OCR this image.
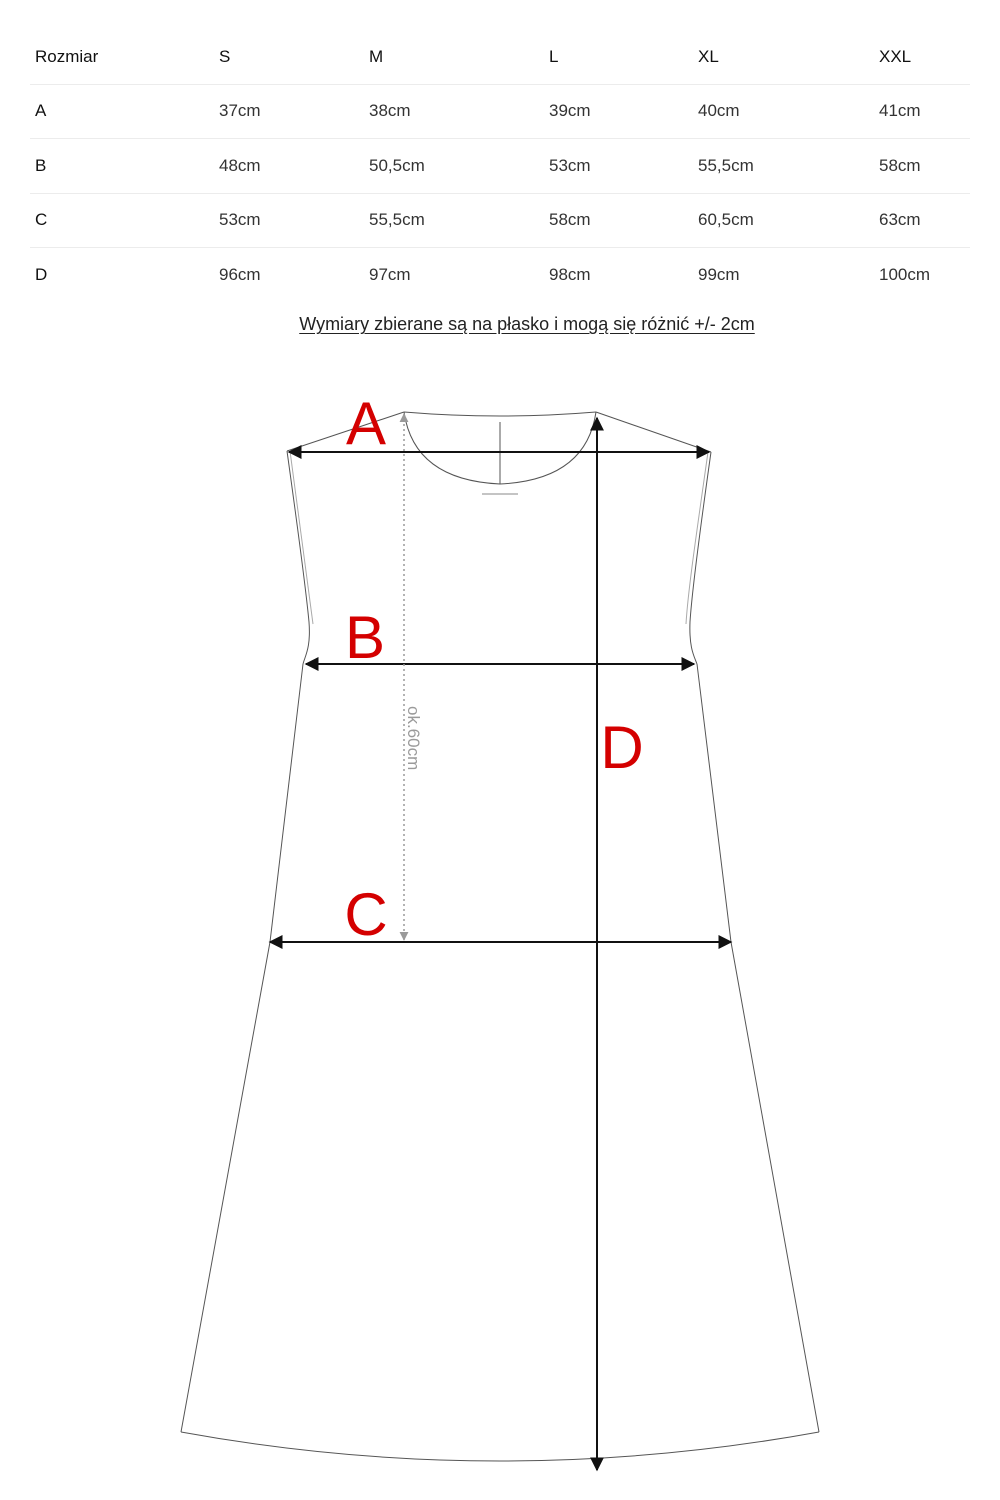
Rozmiar	S	M	L	XL	XXL
A	37cm	38cm	39cm	40cm	41cm
B	48cm	50,5cm	53cm	55,5cm	58cm
C	53cm	55,5cm	58cm	60,5cm	63cm
D	96cm	97cm	98cm	99cm	100cm
Wymiary zbierane są na płasko i mogą się różnić +/- 2cm
A
B
C
D
ok.60cm
